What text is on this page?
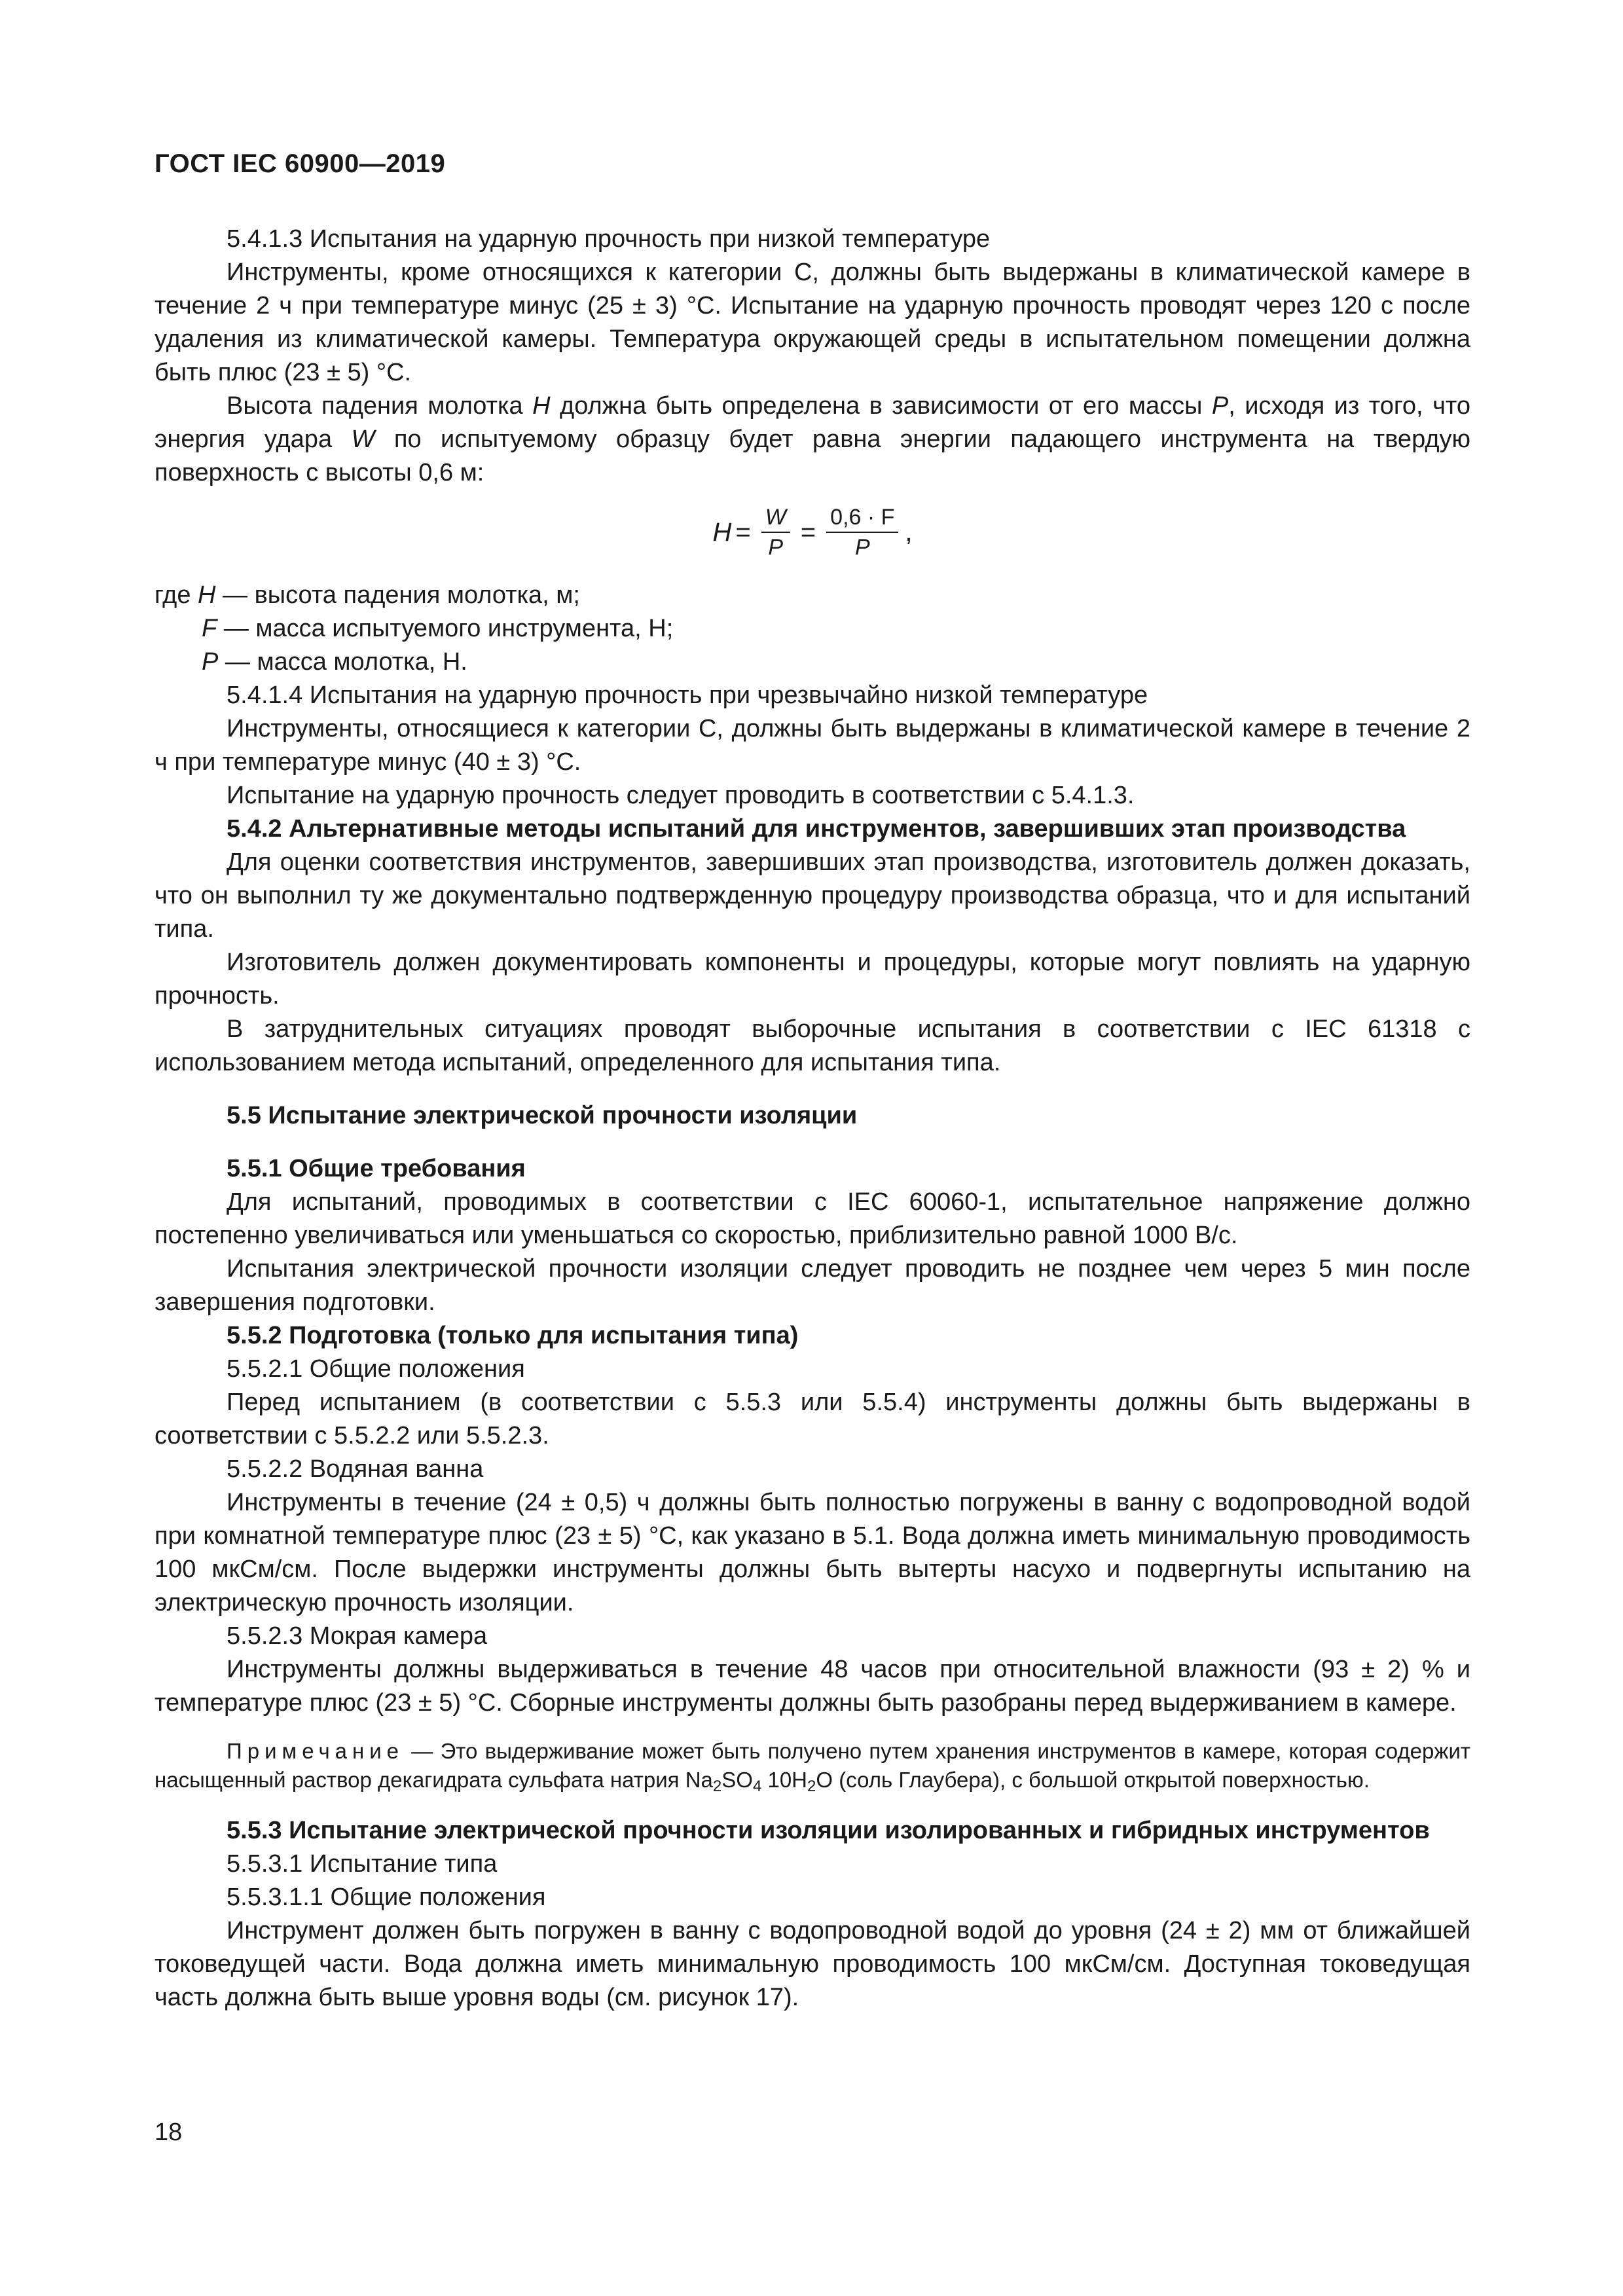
ГОСТ IEC 60900—2019

5.4.1.3 Испытания на ударную прочность при низкой температуре

Инструменты, кроме относящихся к категории С, должны быть выдержаны в климатической камере в течение 2 ч при температуре минус (25 ± 3) °С. Испытание на ударную прочность проводят через 120 с после удаления из климатической камеры. Температура окружающей среды в испытательном помещении должна быть плюс (23 ± 5) °С.

Высота падения молотка H должна быть определена в зависимости от его массы P, исходя из того, что энергия удара W по испытуемому образцу будет равна энергии падающего инструмента на твердую поверхность с высоты 0,6 м:

$H = \frac{W}{P} = \frac{0,6 \cdot F}{P}$ ,

где H — высота падения молотка, м;

F — масса испытуемого инструмента, Н;

P — масса молотка, Н.

5.4.1.4 Испытания на ударную прочность при чрезвычайно низкой температуре

Инструменты, относящиеся к категории С, должны быть выдержаны в климатической камере в течение 2 ч при температуре минус (40 ± 3) °С.

Испытание на ударную прочность следует проводить в соответствии с 5.4.1.3.

5.4.2 Альтернативные методы испытаний для инструментов, завершивших этап производства

Для оценки соответствия инструментов, завершивших этап производства, изготовитель должен доказать, что он выполнил ту же документально подтвержденную процедуру производства образца, что и для испытаний типа.

Изготовитель должен документировать компоненты и процедуры, которые могут повлиять на ударную прочность.

В затруднительных ситуациях проводят выборочные испытания в соответствии с IEC 61318 с использованием метода испытаний, определенного для испытания типа.

5.5 Испытание электрической прочности изоляции

5.5.1 Общие требования

Для испытаний, проводимых в соответствии с IEC 60060-1, испытательное напряжение должно постепенно увеличиваться или уменьшаться со скоростью, приблизительно равной 1000 В/с.

Испытания электрической прочности изоляции следует проводить не позднее чем через 5 мин после завершения подготовки.

5.5.2 Подготовка (только для испытания типа)

5.5.2.1 Общие положения

Перед испытанием (в соответствии с 5.5.3 или 5.5.4) инструменты должны быть выдержаны в соответствии с 5.5.2.2 или 5.5.2.3.

5.5.2.2 Водяная ванна

Инструменты в течение (24 ± 0,5) ч должны быть полностью погружены в ванну с водопроводной водой при комнатной температуре плюс (23 ± 5) °С, как указано в 5.1. Вода должна иметь минимальную проводимость 100 мкСм/см. После выдержки инструменты должны быть вытерты насухо и подвергнуты испытанию на электрическую прочность изоляции.

5.5.2.3 Мокрая камера

Инструменты должны выдерживаться в течение 48 часов при относительной влажности (93 ± 2) % и температуре плюс (23 ± 5) °С. Сборные инструменты должны быть разобраны перед выдерживанием в камере.

Примечание — Это выдерживание может быть получено путем хранения инструментов в камере, которая содержит насыщенный раствор декагидрата сульфата натрия $Na_2SO_4$ $10H_2O$ (соль Глаубера), с большой открытой поверхностью.

5.5.3 Испытание электрической прочности изоляции изолированных и гибридных инструментов

5.5.3.1 Испытание типа

5.5.3.1.1 Общие положения

Инструмент должен быть погружен в ванну с водопроводной водой до уровня (24 ± 2) мм от ближайшей токоведущей части. Вода должна иметь минимальную проводимость 100 мкСм/см. Доступная токоведущая часть должна быть выше уровня воды (см. рисунок 17).

18
